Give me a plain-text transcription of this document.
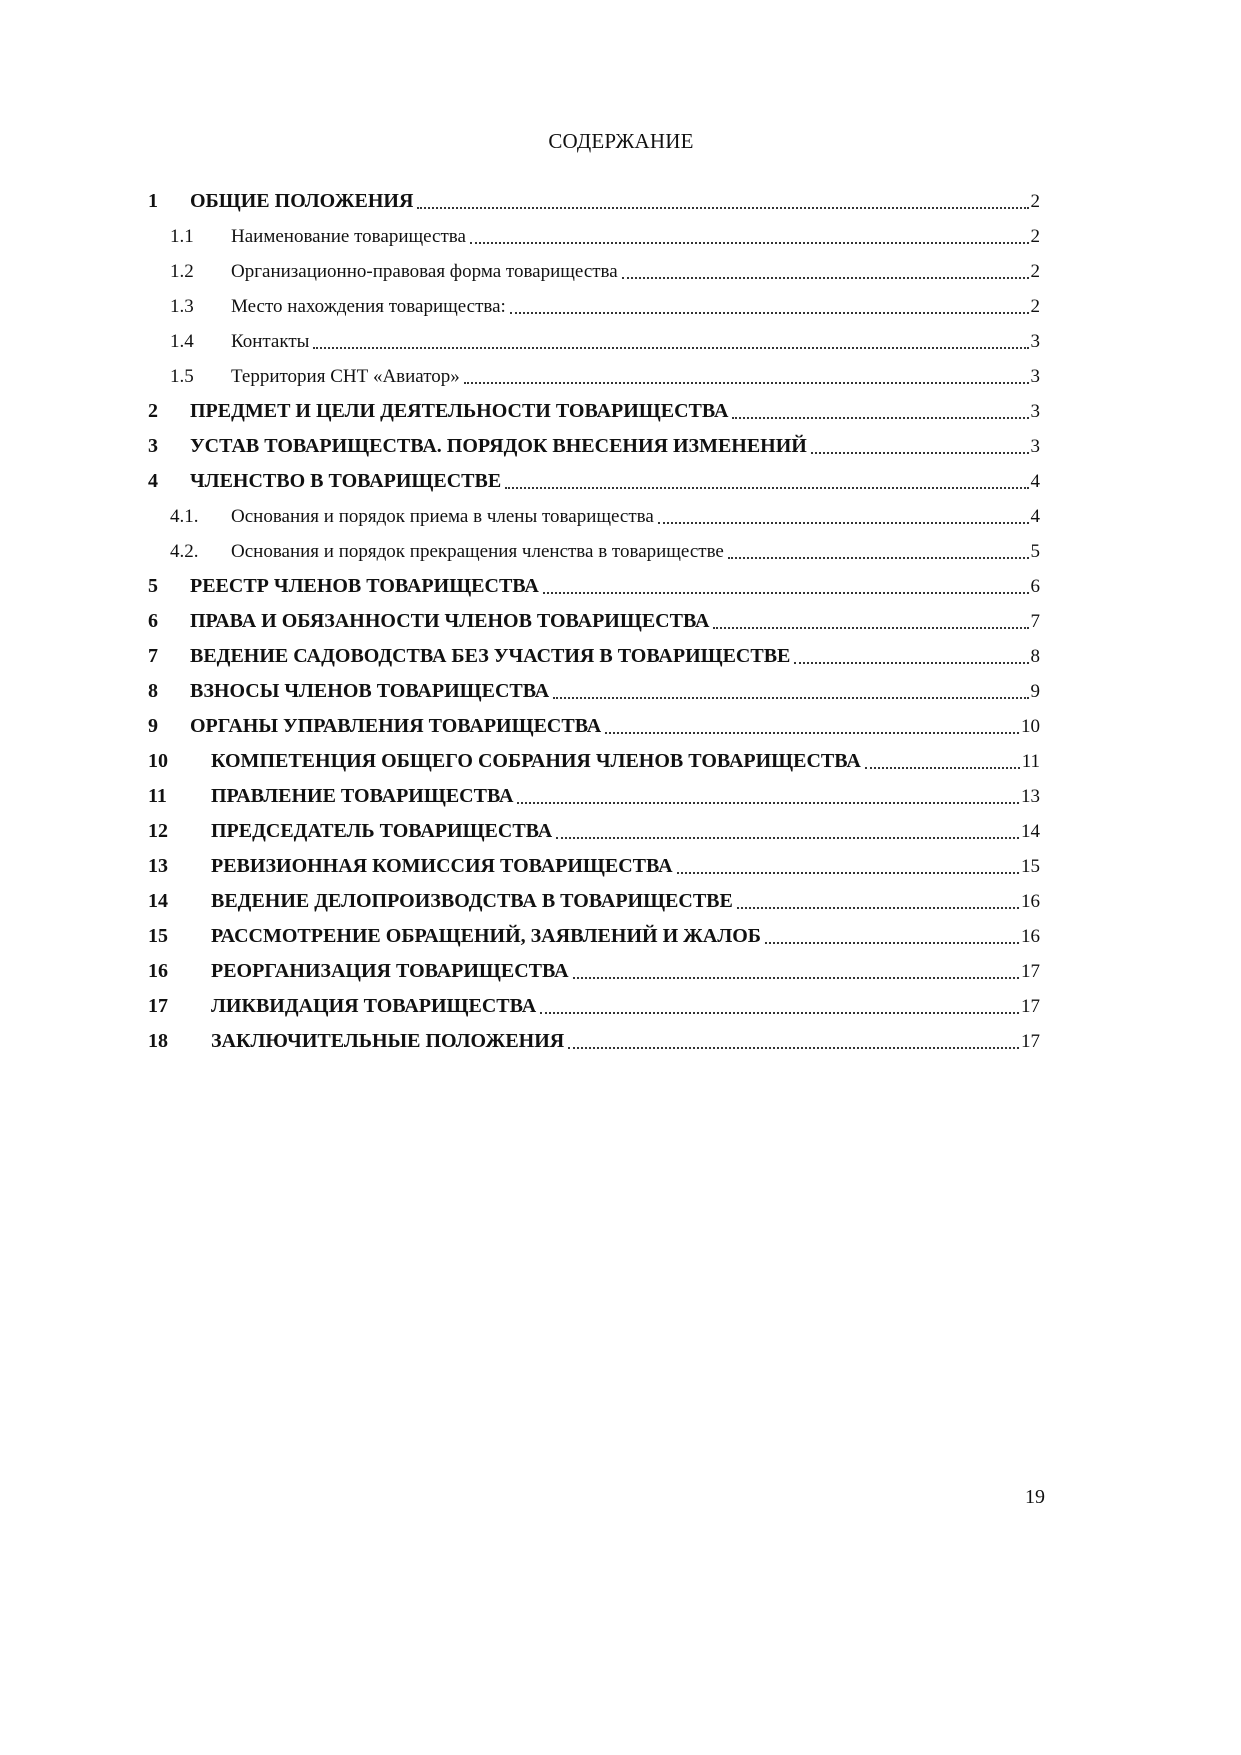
СОДЕРЖАНИЕ
1 ОБЩИЕ ПОЛОЖЕНИЯ	2
1.1 Наименование товарищества	2
1.2 Организационно-правовая форма товарищества	2
1.3 Место нахождения товарищества:	2
1.4 Контакты	3
1.5 Территория СНТ «Авиатор»	3
2 ПРЕДМЕТ И ЦЕЛИ ДЕЯТЕЛЬНОСТИ ТОВАРИЩЕСТВА	3
3 УСТАВ ТОВАРИЩЕСТВА. ПОРЯДОК ВНЕСЕНИЯ ИЗМЕНЕНИЙ	3
4 ЧЛЕНСТВО В ТОВАРИЩЕСТВЕ	4
4.1. Основания и порядок приема в члены товарищества	4
4.2. Основания и порядок прекращения членства в товариществе	5
5 РЕЕСТР ЧЛЕНОВ ТОВАРИЩЕСТВА	6
6 ПРАВА И ОБЯЗАННОСТИ ЧЛЕНОВ ТОВАРИЩЕСТВА	7
7 ВЕДЕНИЕ САДОВОДСТВА БЕЗ УЧАСТИЯ В ТОВАРИЩЕСТВЕ	8
8 ВЗНОСЫ ЧЛЕНОВ ТОВАРИЩЕСТВА	9
9 ОРГАНЫ УПРАВЛЕНИЯ ТОВАРИЩЕСТВА	10
10 КОМПЕТЕНЦИЯ ОБЩЕГО СОБРАНИЯ ЧЛЕНОВ ТОВАРИЩЕСТВА	11
11 ПРАВЛЕНИЕ ТОВАРИЩЕСТВА	13
12 ПРЕДСЕДАТЕЛЬ ТОВАРИЩЕСТВА	14
13 РЕВИЗИОННАЯ КОМИССИЯ ТОВАРИЩЕСТВА	15
14 ВЕДЕНИЕ ДЕЛОПРОИЗВОДСТВА В ТОВАРИЩЕСТВЕ	16
15 РАССМОТРЕНИЕ ОБРАЩЕНИЙ, ЗАЯВЛЕНИЙ И ЖАЛОБ	16
16 РЕОРГАНИЗАЦИЯ ТОВАРИЩЕСТВА	17
17 ЛИКВИДАЦИЯ ТОВАРИЩЕСТВА	17
18 ЗАКЛЮЧИТЕЛЬНЫЕ ПОЛОЖЕНИЯ	17
19
